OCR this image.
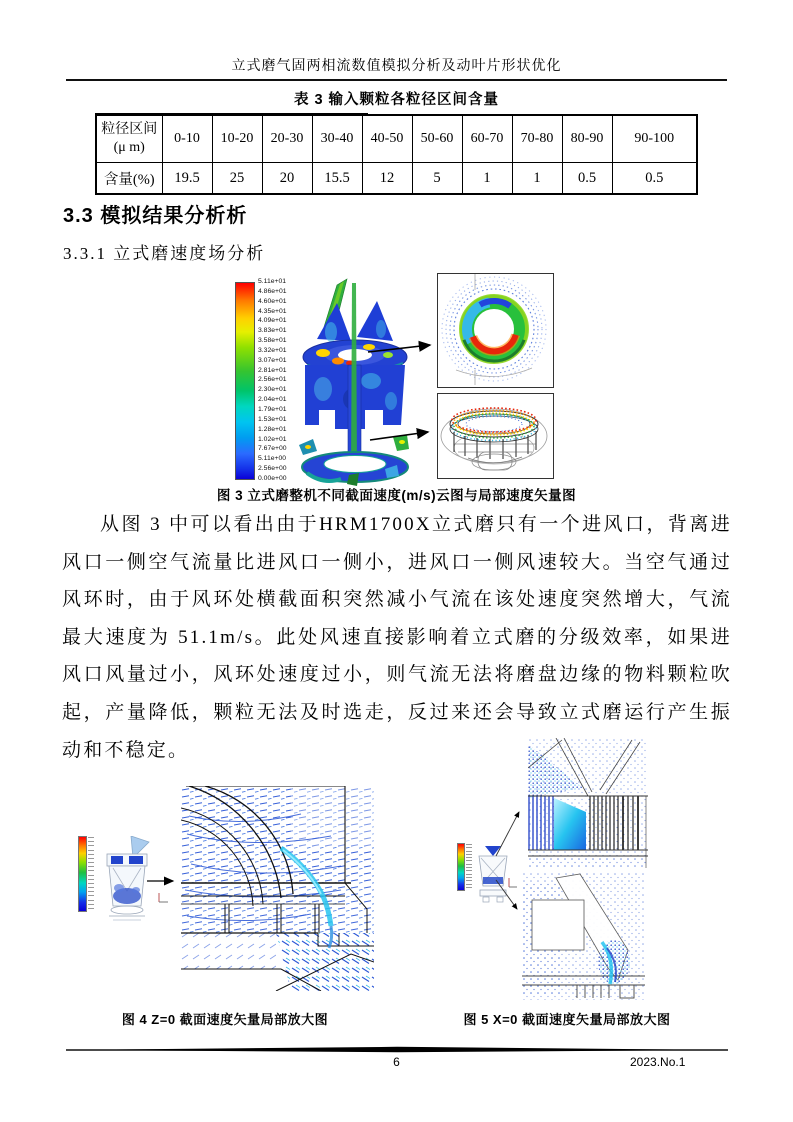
立式磨气固两相流数值模拟分析及动叶片形状优化
表 3 输入颗粒各粒径区间含量
粒径区间
(μ m)	0-10	10-20	20-30	30-40	40-50	50-60	60-70	70-80	80-90	90-100
含量(%)	19.5	25	20	15.5	12	5	1	1	0.5	0.5
3.3 模拟结果分析析
3.3.1 立式磨速度场分析
5.11e+01
4.86e+01
4.60e+01
4.35e+01
4.09e+01
3.83e+01
3.58e+01
3.32e+01
3.07e+01
2.81e+01
2.56e+01
2.30e+01
2.04e+01
1.79e+01
1.53e+01
1.28e+01
1.02e+01
7.67e+00
5.11e+00
2.56e+00
0.00e+00
图 3 立式磨整机不同截面速度(m/s)云图与局部速度矢量图

从图 3 中可以看出由于HRM1700X立式磨只有一个进风口，背离进风口一侧空气流量比进风口一侧小，进风口一侧风速较大。当空气通过风环时，由于风环处横截面积突然减小气流在该处速度突然增大，气流最大速度为 51.1m/s。此处风速直接影响着立式磨的分级效率，如果进风口风量过小，风环处速度过小，则气流无法将磨盘边缘的物料颗粒吹起，产量降低，颗粒无法及时选走，反过来还会导致立式磨运行产生振动和不稳定。

图 4 Z=0 截面速度矢量局部放大图	图 5 X=0 截面速度矢量局部放大图
6	2023.No.1
